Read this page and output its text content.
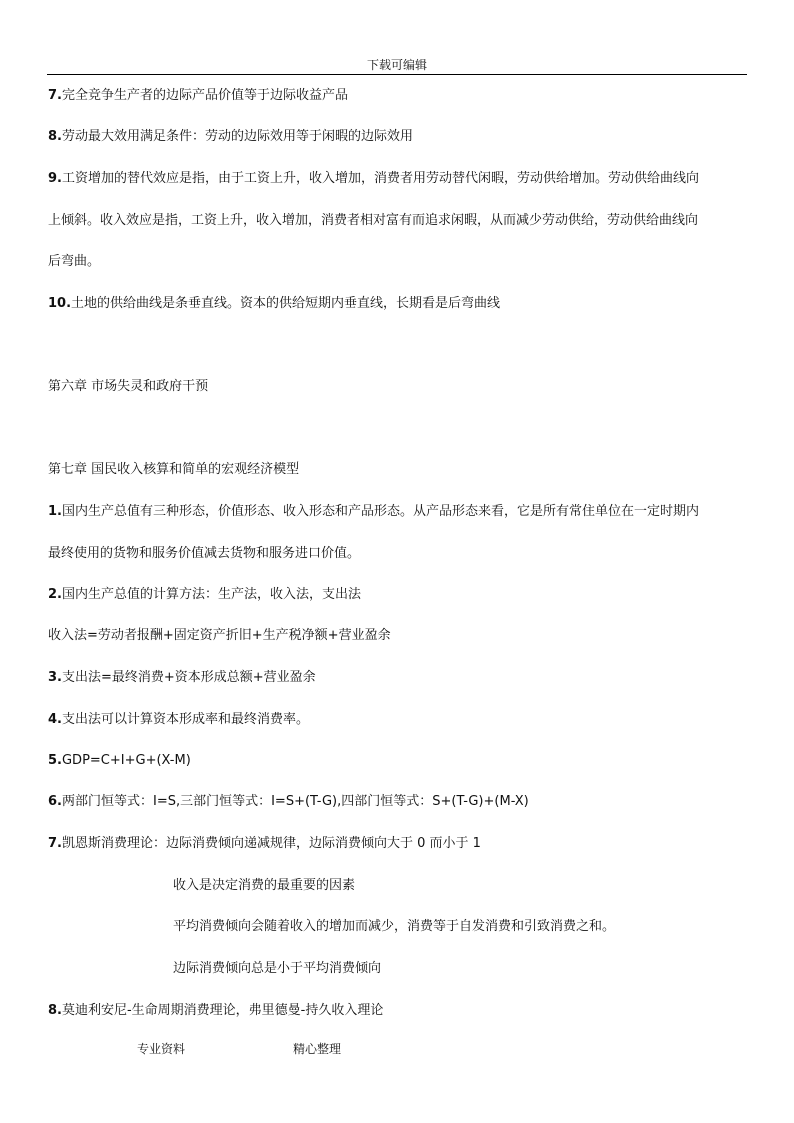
下载可编辑
7.完全竞争生产者的边际产品价值等于边际收益产品
8.劳动最大效用满足条件：劳动的边际效用等于闲暇的边际效用
9.工资增加的替代效应是指，由于工资上升，收入增加，消费者用劳动替代闲暇，劳动供给增加。劳动供给曲线向
上倾斜。收入效应是指，工资上升，收入增加，消费者相对富有而追求闲暇，从而减少劳动供给，劳动供给曲线向
后弯曲。
10.土地的供给曲线是条垂直线。资本的供给短期内垂直线，长期看是后弯曲线
第六章 市场失灵和政府干预
第七章 国民收入核算和简单的宏观经济模型
1.国内生产总值有三种形态，价值形态、收入形态和产品形态。从产品形态来看，它是所有常住单位在一定时期内
最终使用的货物和服务价值减去货物和服务进口价值。
2.国内生产总值的计算方法：生产法，收入法，支出法
收入法=劳动者报酬+固定资产折旧+生产税净额+营业盈余
3.支出法=最终消费+资本形成总额+营业盈余
4.支出法可以计算资本形成率和最终消费率。
5.GDP=C+I+G+(X-M)
6.两部门恒等式：I=S,三部门恒等式：I=S+(T-G),四部门恒等式：S+(T-G)+(M-X)
7.凯恩斯消费理论：边际消费倾向递减规律，边际消费倾向大于 0 而小于 1
收入是决定消费的最重要的因素
平均消费倾向会随着收入的增加而减少，消费等于自发消费和引致消费之和。
边际消费倾向总是小于平均消费倾向
8.莫迪利安尼-生命周期消费理论，弗里德曼-持久收入理论
专业资料	精心整理
